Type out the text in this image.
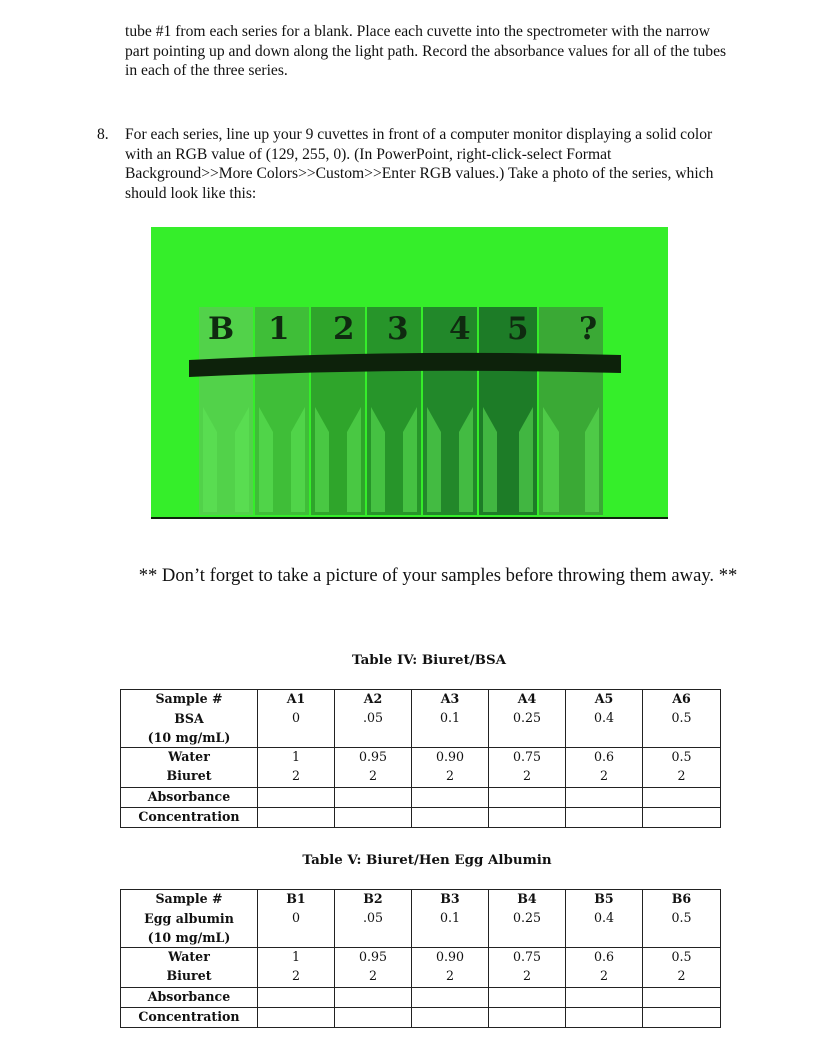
tube #1 from each series for a blank. Place each cuvette into the spectrometer with the narrow part pointing up and down along the light path. Record the absorbance values for all of the tubes in each of the three series.

8. For each series, line up your 9 cuvettes in front of a computer monitor displaying a solid color with an RGB value of (129, 255, 0). (In PowerPoint, right-click-select Format Background>>More Colors>>Custom>>Enter RGB values.) Take a photo of the series, which should look like this:

B 1 2 3 4 5 ?
** Don’t forget to take a picture of your samples before throwing them away. **
Table IV: Biuret/BSA
Sample #	A1	A2	A3	A4	A5	A6
BSA
(10 mg/mL)	0	.05	0.1	0.25	0.4	0.5
Water	1	0.95	0.90	0.75	0.6	0.5
Biuret	2	2	2	2	2	2
Absorbance						
Concentration						
Table V: Biuret/Hen Egg Albumin
Sample #	B1	B2	B3	B4	B5	B6
Egg albumin
(10 mg/mL)	0	.05	0.1	0.25	0.4	0.5
Water	1	0.95	0.90	0.75	0.6	0.5
Biuret	2	2	2	2	2	2
Absorbance						
Concentration						
